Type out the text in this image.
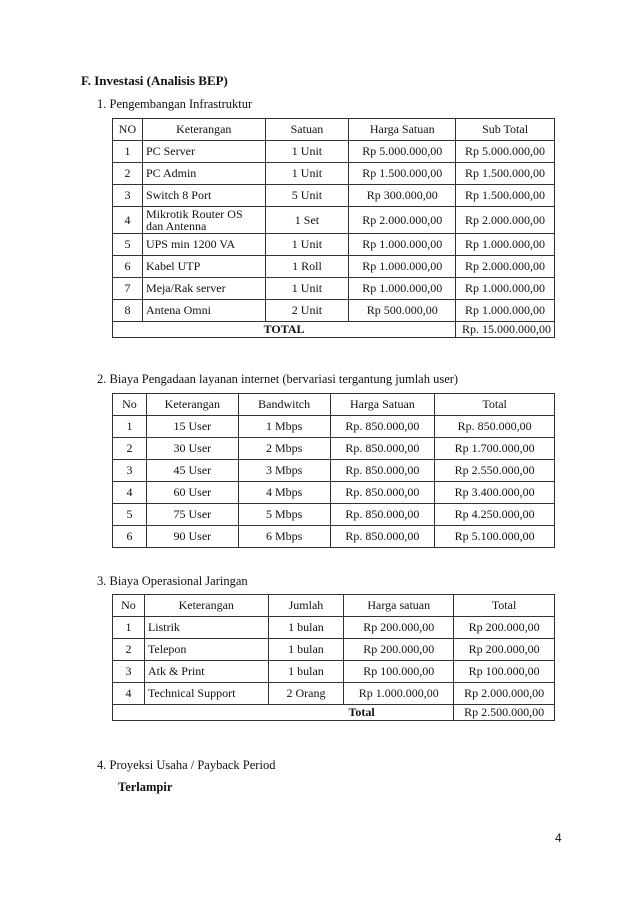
F. Investasi (Analisis BEP)
1. Pengembangan Infrastruktur
NO	Keterangan	Satuan	Harga Satuan	Sub Total
1	PC Server	1 Unit	Rp 5.000.000,00	Rp 5.000.000,00
2	PC Admin	1 Unit	Rp 1.500.000,00	Rp 1.500.000,00
3	Switch 8 Port	5 Unit	Rp 300.000,00	Rp 1.500.000,00
4	Mikrotik Router OS dan Antenna	1 Set	Rp 2.000.000,00	Rp 2.000.000,00
5	UPS min 1200 VA	1 Unit	Rp 1.000.000,00	Rp 1.000.000,00
6	Kabel UTP	1 Roll	Rp 1.000.000,00	Rp 2.000.000,00
7	Meja/Rak server	1 Unit	Rp 1.000.000,00	Rp 1.000.000,00
8	Antena Omni	2 Unit	Rp 500.000,00	Rp 1.000.000,00
TOTAL				Rp. 15.000.000,00
2. Biaya Pengadaan layanan internet (bervariasi tergantung jumlah user)
No	Keterangan	Bandwitch	Harga Satuan	Total
1	15 User	1 Mbps	Rp. 850.000,00	Rp. 850.000,00
2	30 User	2 Mbps	Rp. 850.000,00	Rp 1.700.000,00
3	45 User	3 Mbps	Rp. 850.000,00	Rp 2.550.000,00
4	60 User	4 Mbps	Rp. 850.000,00	Rp 3.400.000,00
5	75 User	5 Mbps	Rp. 850.000,00	Rp 4.250.000,00
6	90 User	6 Mbps	Rp. 850.000,00	Rp 5.100.000,00
3. Biaya Operasional Jaringan
No	Keterangan	Jumlah	Harga satuan	Total
1	Listrik	1 bulan	Rp 200.000,00	Rp 200.000,00
2	Telepon	1 bulan	Rp 200.000,00	Rp 200.000,00
3	Atk & Print	1 bulan	Rp 100.000,00	Rp 100.000,00
4	Technical Support	2 Orang	Rp 1.000.000,00	Rp 2.000.000,00
Total				Rp 2.500.000,00
4. Proyeksi Usaha / Payback Period
Terlampir
4
